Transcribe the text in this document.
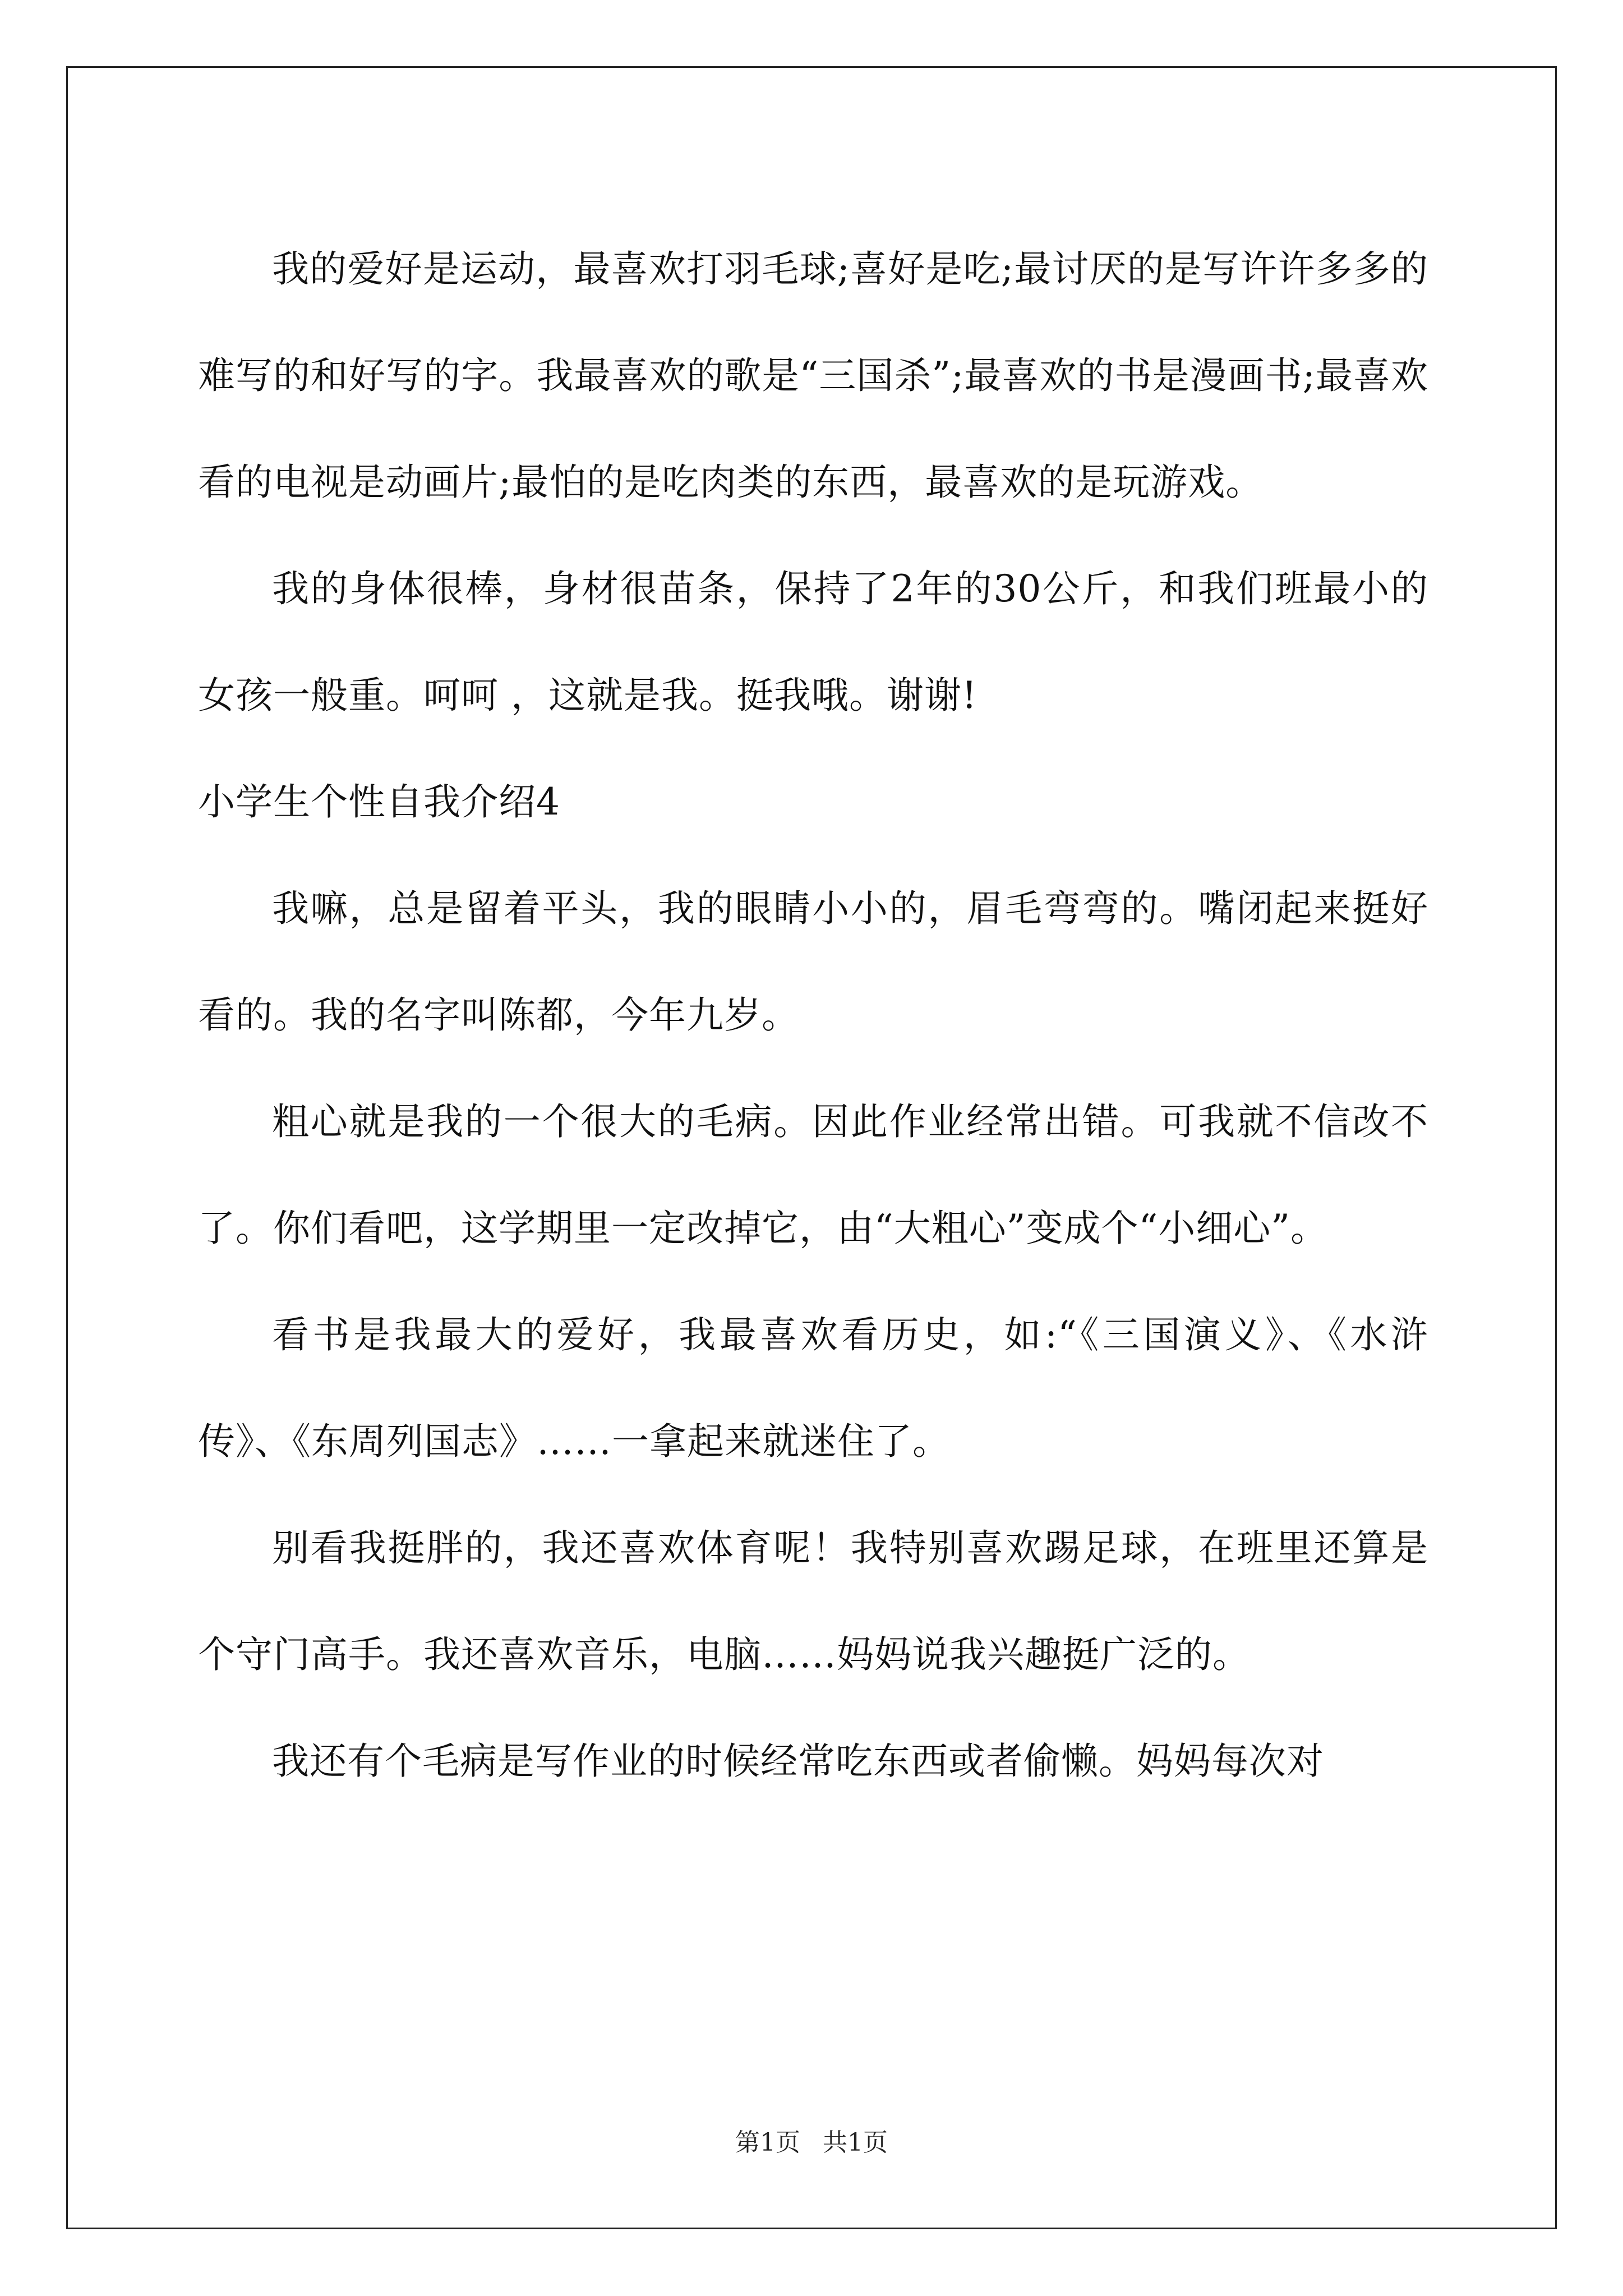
我的爱好是运动，最喜欢打羽毛球;喜好是吃;最讨厌的是写许许多多的难写的和好写的字。我最喜欢的歌是“三国杀”;最喜欢的书是漫画书;最喜欢看的电视是动画片;最怕的是吃肉类的东西，最喜欢的是玩游戏。

我的身体很棒，身材很苗条，保持了2年的30公斤，和我们班最小的女孩一般重。呵呵 ，这就是我。挺我哦。谢谢!

小学生个性自我介绍4

我嘛，总是留着平头，我的眼睛小小的，眉毛弯弯的。嘴闭起来挺好看的。我的名字叫陈都，今年九岁。

粗心就是我的一个很大的毛病。因此作业经常出错。可我就不信改不了。你们看吧，这学期里一定改掉它，由“大粗心”变成个“小细心”。

看书是我最大的爱好，我最喜欢看历史，如:“《三国演义》、《水浒传》、《东周列国志》……一拿起来就迷住了。

别看我挺胖的，我还喜欢体育呢！我特别喜欢踢足球，在班里还算是个守门高手。我还喜欢音乐，电脑……妈妈说我兴趣挺广泛的。

我还有个毛病是写作业的时候经常吃东西或者偷懒。妈妈每次对

第1页 共1页
